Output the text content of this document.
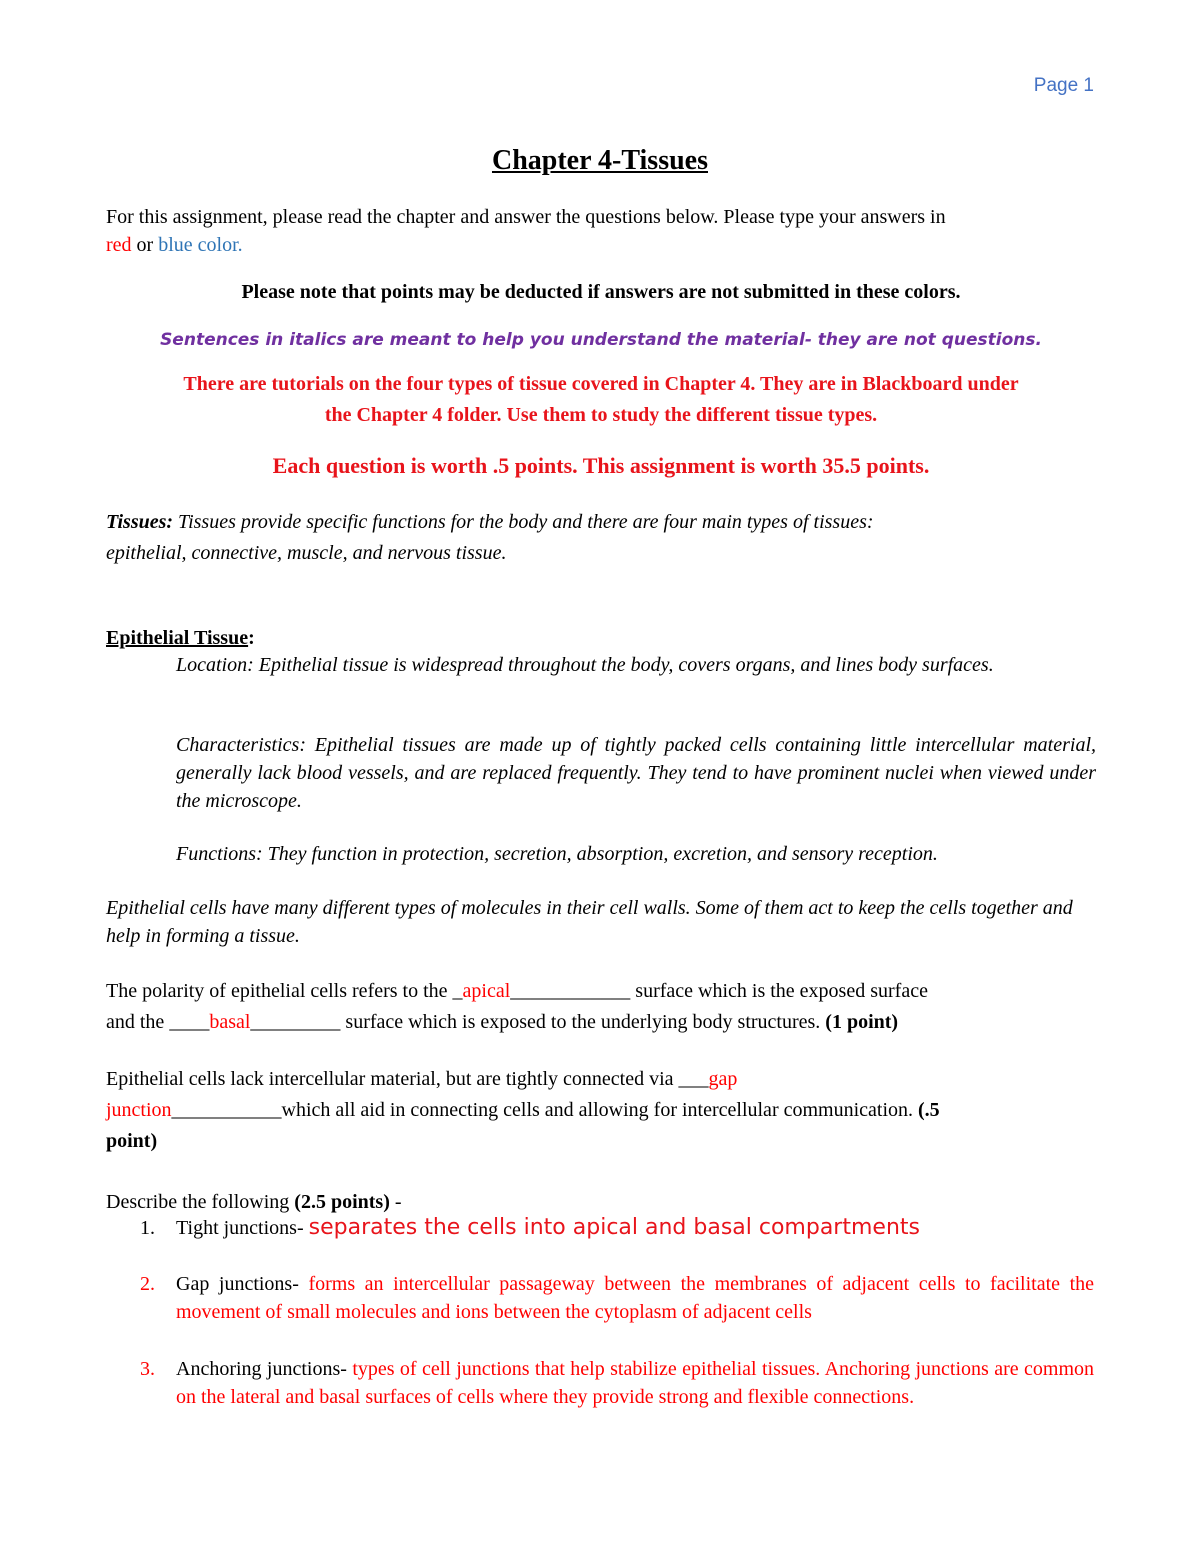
Page 1
Chapter 4-Tissues
For this assignment, please read the chapter and answer the questions below. Please type your answers in
red or blue color.
Please note that points may be deducted if answers are not submitted in these colors.
Sentences in italics are meant to help you understand the material- they are not questions.
There are tutorials on the four types of tissue covered in Chapter 4. They are in Blackboard under
the Chapter 4 folder. Use them to study the different tissue types.
Each question is worth .5 points. This assignment is worth 35.5 points.
Tissues: Tissues provide specific functions for the body and there are four main types of tissues:
epithelial, connective, muscle, and nervous tissue.
Epithelial Tissue:
Location: Epithelial tissue is widespread throughout the body, covers organs, and lines body surfaces.
Characteristics: Epithelial tissues are made up of tightly packed cells containing little intercellular material, generally lack blood vessels, and are replaced frequently. They tend to have prominent nuclei when viewed under the microscope.
Functions: They function in protection, secretion, absorption, excretion, and sensory reception.
Epithelial cells have many different types of molecules in their cell walls. Some of them act to keep the cells together and help in forming a tissue.
The polarity of epithelial cells refers to the _apical____________ surface which is the exposed surface
and the ____basal_________ surface which is exposed to the underlying body structures. (1 point)
Epithelial cells lack intercellular material, but are tightly connected via ___gap
junction___________which all aid in connecting cells and allowing for intercellular communication. (.5
point)
Describe the following (2.5 points) -
1.	Tight junctions- separates the cells into apical and basal compartments
2.	Gap junctions- forms an intercellular passageway between the membranes of adjacent cells to facilitate the movement of small molecules and ions between the cytoplasm of adjacent cells
3.	Anchoring junctions- types of cell junctions that help stabilize epithelial tissues. Anchoring junctions are common on the lateral and basal surfaces of cells where they provide strong and flexible connections.
